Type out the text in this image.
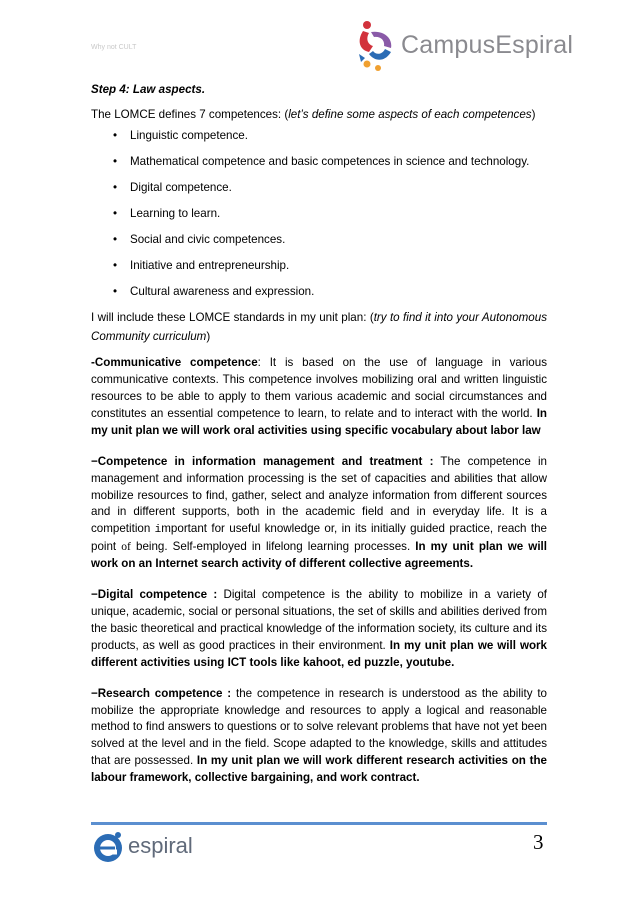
Why not CULT	CampusEspiral

Step 4: Law aspects.

The LOMCE defines 7 competences: (let’s define some aspects of each competences)

• Linguistic competence.
• Mathematical competence and basic competences in science and technology.
• Digital competence.
• Learning to learn.
• Social and civic competences.
• Initiative and entrepreneurship.
• Cultural awareness and expression.

I will include these LOMCE standards in my unit plan: (try to find it into your Autonomous Community curriculum)

-Communicative competence: It is based on the use of language in various communicative contexts. This competence involves mobilizing oral and written linguistic resources to be able to apply to them various academic and social circumstances and constitutes an essential competence to learn, to relate and to interact with the world. In my unit plan we will work oral activities using specific vocabulary about labor law

−Competence in information management and treatment : The competence in management and information processing is the set of capacities and abilities that allow mobilize resources to find, gather, select and analyze information from different sources and in different supports, both in the academic field and in everyday life. It is a competition important for useful knowledge or, in its initially guided practice, reach the point of being. Self-employed in lifelong learning processes. In my unit plan we will work on an Internet search activity of different collective agreements.

−Digital competence : Digital competence is the ability to mobilize in a variety of unique, academic, social or personal situations, the set of skills and abilities derived from the basic theoretical and practical knowledge of the information society, its culture and its products, as well as good practices in their environment. In my unit plan we will work different activities using ICT tools like kahoot, ed puzzle, youtube.

−Research competence : the competence in research is understood as the ability to mobilize the appropriate knowledge and resources to apply a logical and reasonable method to find answers to questions or to solve relevant problems that have not yet been solved at the level and in the field. Scope adapted to the knowledge, skills and attitudes that are possessed. In my unit plan we will work different research activities on the labour framework, collective bargaining, and work contract.

espiral	3
